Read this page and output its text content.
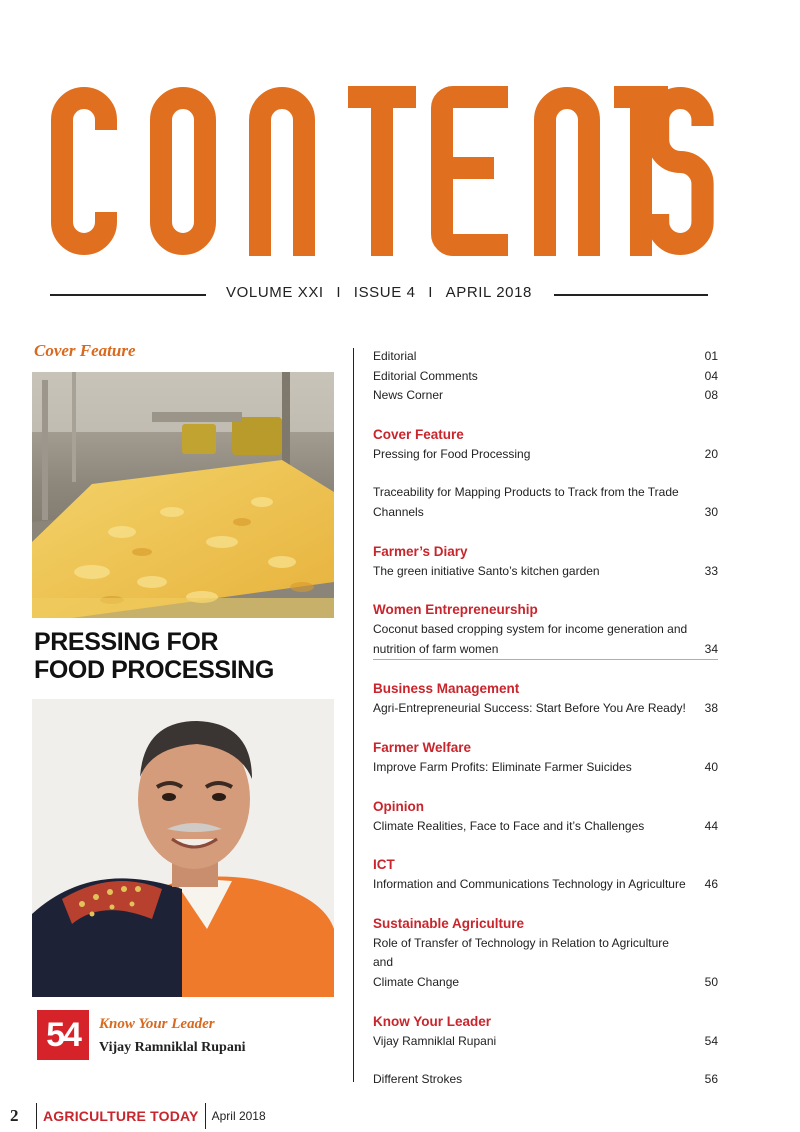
VOLUME XXI I ISSUE 4 I APRIL 2018
Cover Feature
PRESSING FOR
FOOD PROCESSING
54	Know Your Leader
Vijay Ramniklal Rupani
Editorial	01
Editorial Comments	04
News Corner	08
Cover Feature
Pressing for Food Processing	20
Traceability for Mapping Products to Track from the Trade
Channels	30
Farmer’s Diary
The green initiative Santo’s kitchen garden	33
Women Entrepreneurship
Coconut based cropping system for income generation and
nutrition of farm women	34
Business Management
Agri-Entrepreneurial Success: Start Before You Are Ready!	38
Farmer Welfare
Improve Farm Profits: Eliminate Farmer Suicides	40
Opinion
Climate Realities, Face to Face and it’s Challenges	44
ICT
Information and Communications Technology in Agriculture	46
Sustainable Agriculture
Role of Transfer of Technology in Relation to Agriculture and
Climate Change	50
Know Your Leader
Vijay Ramniklal Rupani	54
Different Strokes	56
2	AGRICULTURE TODAY April 2018
